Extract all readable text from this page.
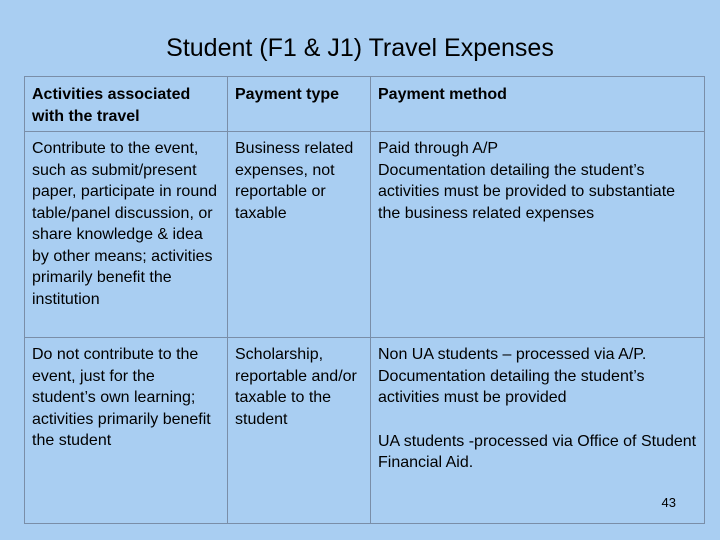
Student (F1 & J1) Travel Expenses
Activities associated with the travel	Payment type	Payment method
Contribute to the event, such as submit/present paper, participate in round table/panel discussion, or share knowledge & idea by other means; activities primarily benefit the institution	Business related expenses, not reportable or taxable	Paid through A/P
Documentation detailing the student’s activities must be provided to substantiate the business related expenses

Do not contribute to the event, just for the student’s own learning; activities primarily benefit the student	Scholarship, reportable and/or taxable to the student	Non UA students – processed via A/P. Documentation detailing the student’s activities must be provided
UA students -processed via Office of Student Financial Aid.
43
